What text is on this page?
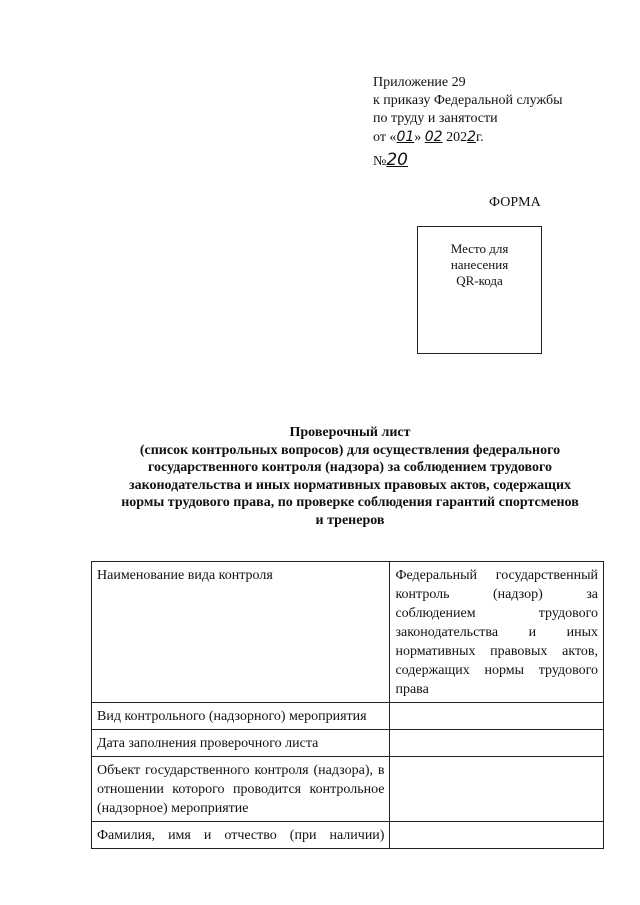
Приложение 29
к приказу Федеральной службы
по труду и занятости
от «01» 02 2022г.
№20
ФОРМА
Место для
нанесения
QR-кода
Проверочный лист
(список контрольных вопросов) для осуществления федерального
государственного контроля (надзора) за соблюдением трудового
законодательства и иных нормативных правовых актов, содержащих
нормы трудового права, по проверке соблюдения гарантий спортсменов
и тренеров
Наименование вида контроля	Федеральный государственный контроль (надзор) за соблюдением трудового законодательства и иных нормативных правовых актов, содержащих нормы трудового права
Вид контрольного (надзорного) мероприятия	
Дата заполнения проверочного листа	
Объект государственного контроля (надзора), в отношении которого проводится контрольное (надзорное) мероприятие	
Фамилия, имя и отчество (при наличии)	
